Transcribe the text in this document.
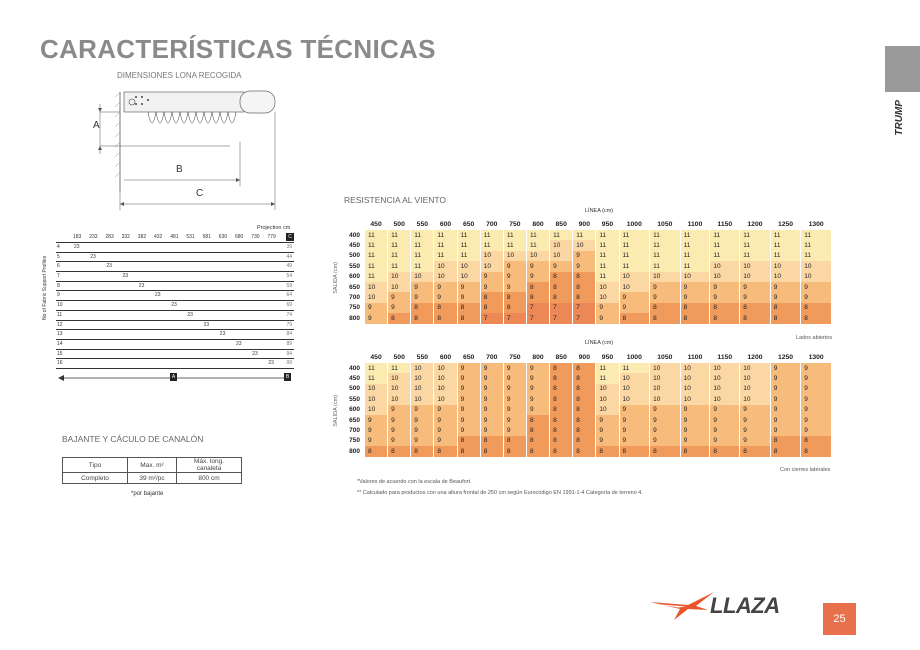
CARACTERÍSTICAS TÉCNICAS
TRUMP
DIMENSIONES LONA RECOGIDA
A
B
C
Projection cm
No of Fabric Support Profiles
183 233 283 332 382 432 481 531 581 630 680 730 779	C
4	23	39
5	23	44
6	23	49
7	23	54
8	23	59
9	23	64
10	23	69
11	23	74
12	23	79
13	23	84
14	23	89
15	23	94
16	23 99
A	B
BAJANTE Y CÁCULO DE CANALÓN
Tipo	Max. m²	Máx. long. canaleta
Completo	39 m²/pc	800 cm
*por bajante
RESISTENCIA AL VIENTO
LÍNEA (cm)
SALIDA (cm)
	450	500	550	600	650	700	750	800	850	900	950	1000	1050	1100	1150	1200	1250	1300
400	11	11	11	11	11	11	11	11	11	11	11	11	11	11	11	11	11	11
450	11	11	11	11	11	11	11	11	10	10	11	11	11	11	11	11	11	11
500	11	11	11	11	11	10	10	10	10	9	11	11	11	11	11	11	11	11
550	11	11	11	10	10	10	9	9	9	9	11	11	11	11	10	10	10	10
600	11	10	10	10	10	9	9	9	8	8	11	10	10	10	10	10	10	10
650	10	10	9	9	9	9	9	8	8	8	10	10	9	9	9	9	9	9
700	10	9	9	9	9	8	8	8	8	8	10	9	9	9	9	9	9	9
750	9	9	8	8	8	8	8	7	7	7	9	9	8	8	8	8	8	8
800	9	8	8	8	8	7	7	7	7	7	9	8	8	8	8	8	8	8
Lados abiertos
LÍNEA (cm)
SALIDA (cm)
	450	500	550	600	650	700	750	800	850	900	950	1000	1050	1100	1150	1200	1250	1300
400	11	11	10	10	9	9	9	9	8	8	11	11	10	10	10	10	9	9
450	11	10	10	10	9	9	9	9	8	8	11	10	10	10	10	10	9	9
500	10	10	10	10	9	9	9	9	8	8	10	10	10	10	10	10	9	9
550	10	10	10	10	9	9	9	9	8	8	10	10	10	10	10	10	9	9
600	10	9	9	9	9	9	9	9	8	8	10	9	9	9	9	9	9	9
650	9	9	9	9	9	9	9	8	8	8	9	9	9	9	9	9	9	9
700	9	9	9	9	9	9	9	8	8	8	9	9	9	9	9	9	9	9
750	9	9	9	9	8	8	8	8	8	8	9	9	9	9	9	9	8	8
800	8	8	8	8	8	8	8	8	8	8	8	8	8	8	8	8	8	8
Con cierres laterales
*Valores de acuerdo con la escala de Beaufort.
** Calculado para productos con una altura frontal de 250 cm según Eurocódigo EN 1991-1-4 Categoría de terreno 4.
LLAZA
25
